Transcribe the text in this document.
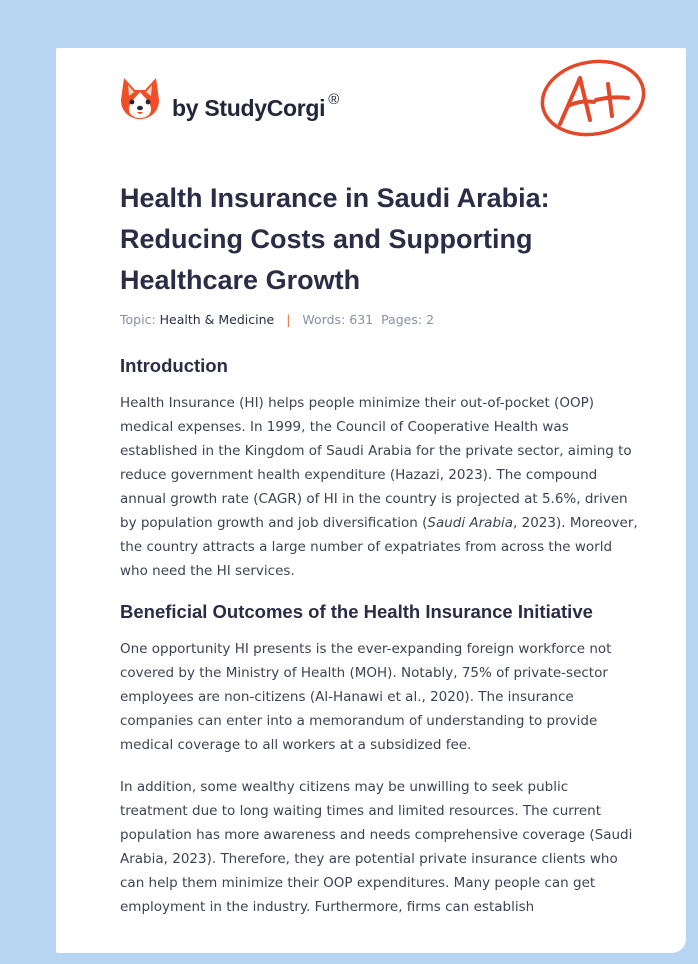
by StudyCorgi ®
Health Insurance in Saudi Arabia: Reducing Costs and Supporting Healthcare Growth
Topic: Health & Medicine | Words: 631 Pages: 2
Introduction

Health Insurance (HI) helps people minimize their out-of-pocket (OOP) medical expenses. In 1999, the Council of Cooperative Health was established in the Kingdom of Saudi Arabia for the private sector, aiming to reduce government health expenditure (Hazazi, 2023). The compound annual growth rate (CAGR) of HI in the country is projected at 5.6%, driven by population growth and job diversification (Saudi Arabia, 2023). Moreover, the country attracts a large number of expatriates from across the world who need the HI services.

Beneficial Outcomes of the Health Insurance Initiative

One opportunity HI presents is the ever-expanding foreign workforce not covered by the Ministry of Health (MOH). Notably, 75% of private-sector employees are non-citizens (Al-Hanawi et al., 2020). The insurance companies can enter into a memorandum of understanding to provide medical coverage to all workers at a subsidized fee.

In addition, some wealthy citizens may be unwilling to seek public treatment due to long waiting times and limited resources. The current population has more awareness and needs comprehensive coverage (Saudi Arabia, 2023). Therefore, they are potential private insurance clients who can help them minimize their OOP expenditures. Many people can get employment in the industry. Furthermore, firms can establish
